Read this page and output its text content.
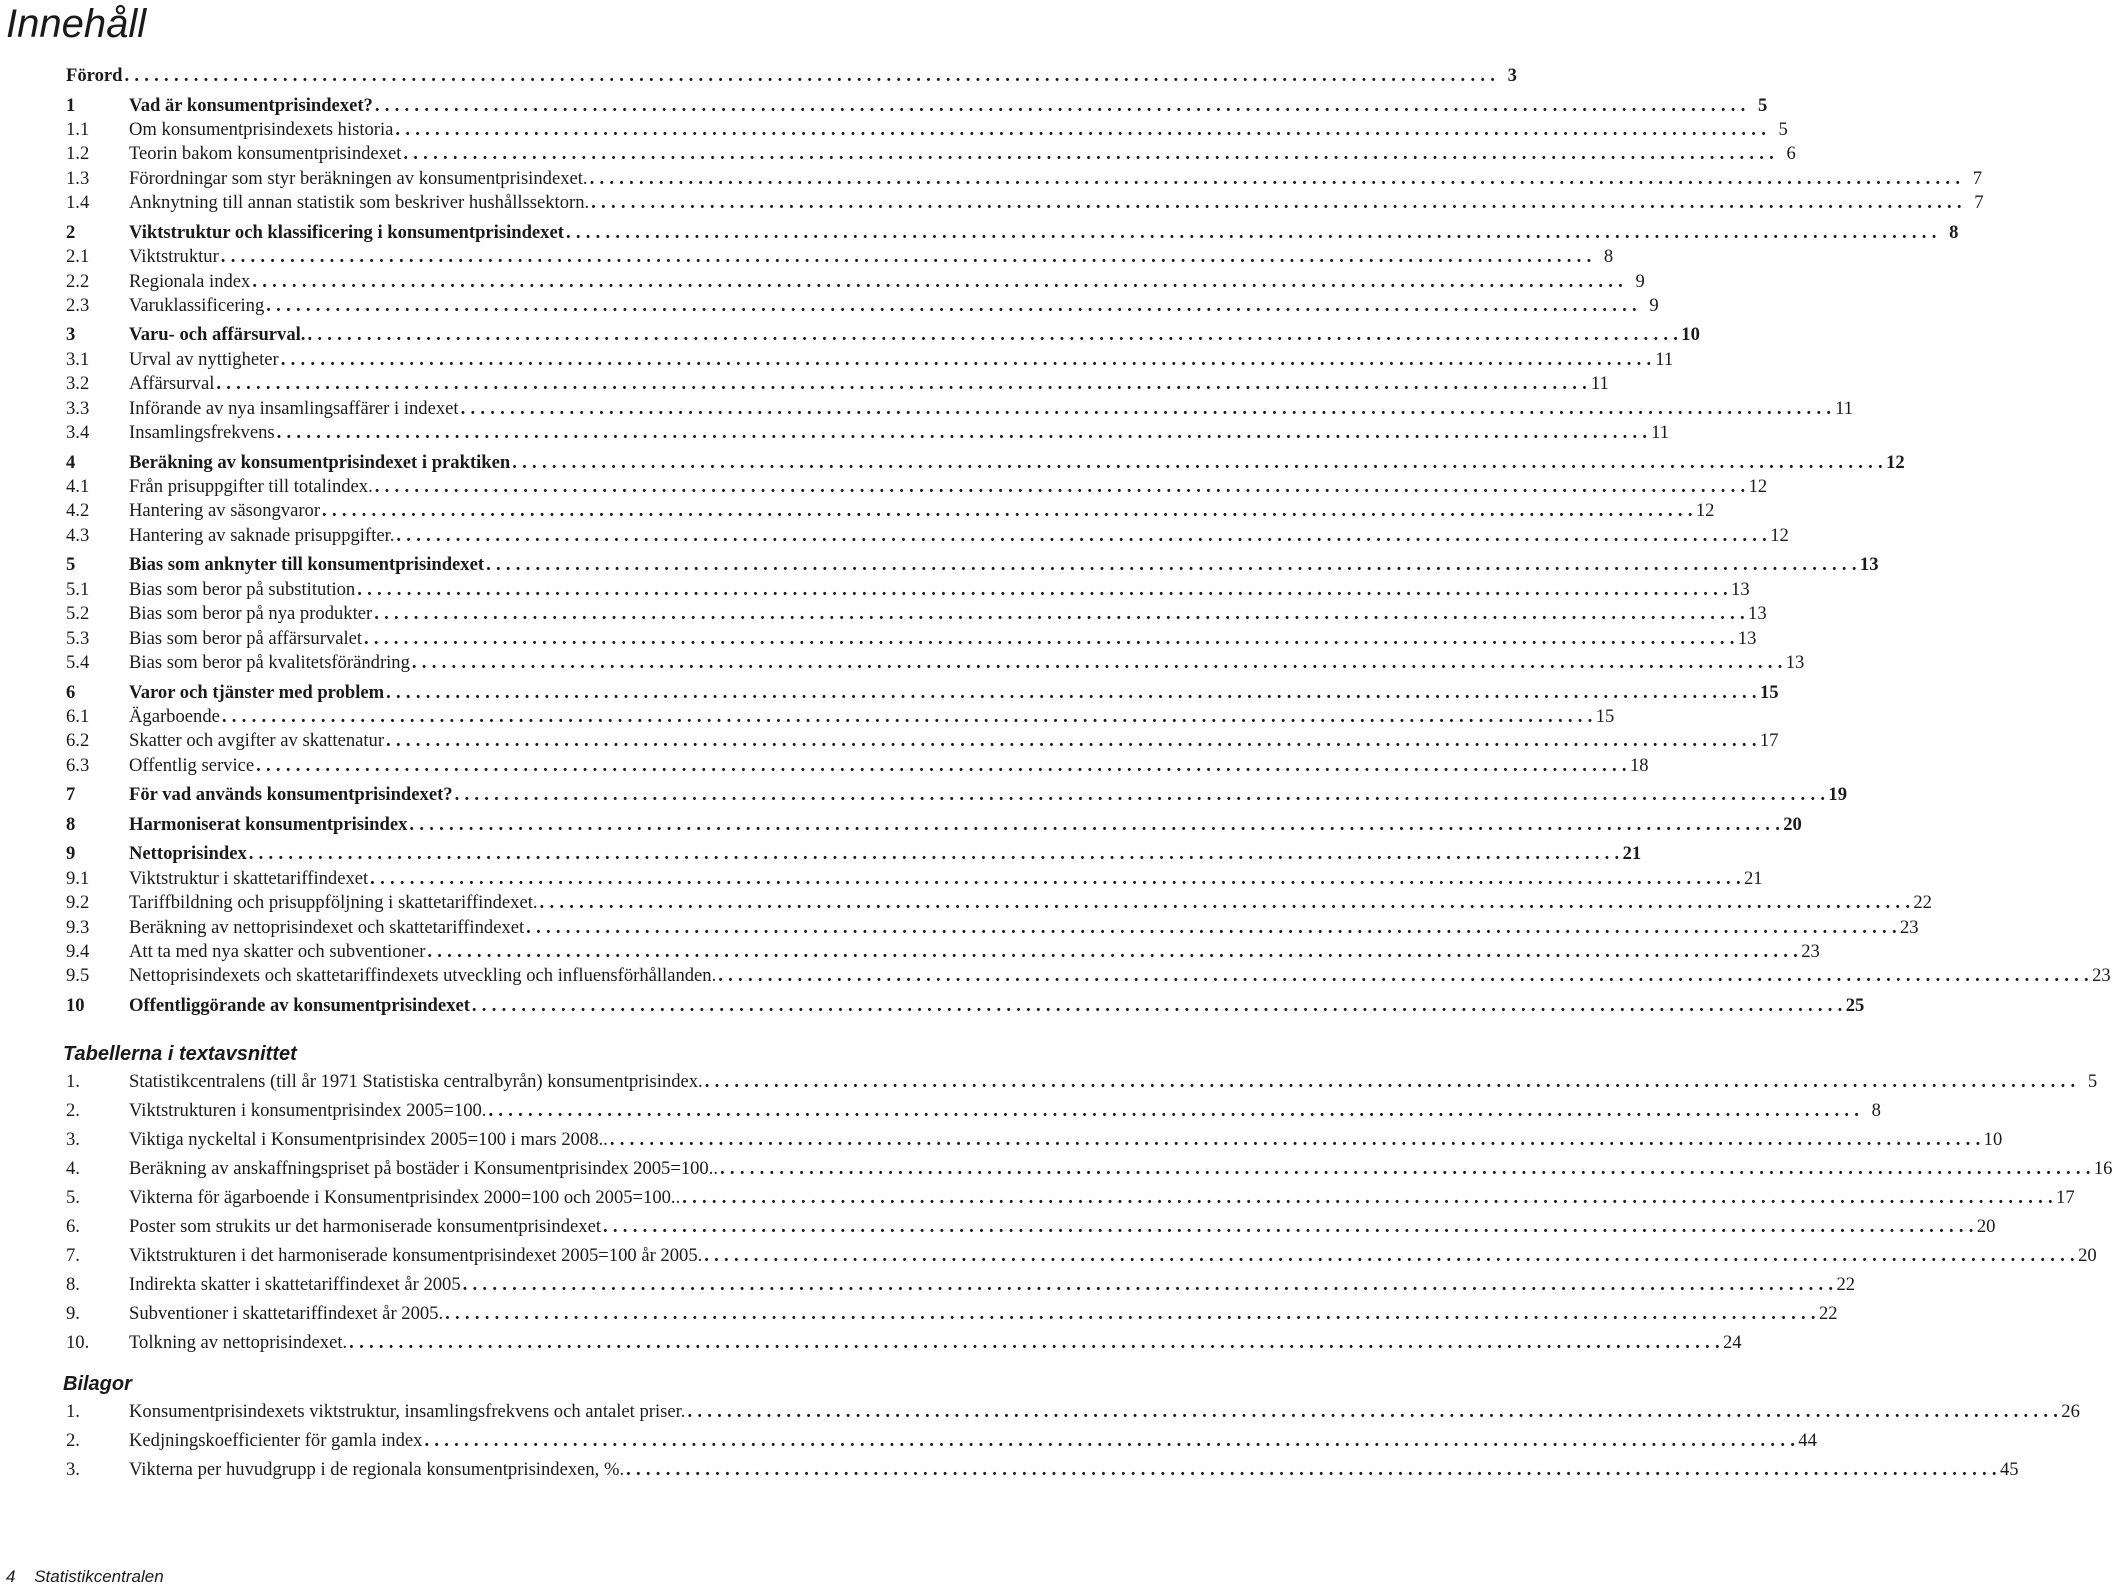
Innehåll
Förord . . .	3
1	Vad är konsumentprisindexet? . . .	5
1.1	Om konsumentprisindexets historia . . .	5
1.2	Teorin bakom konsumentprisindexet . . .	6
1.3	Förordningar som styr beräkningen av konsumentprisindexet. . . .	7
1.4	Anknytning till annan statistik som beskriver hushållssektorn. . . .	7
2	Viktstruktur och klassificering i konsumentprisindexet . . .	8
2.1	Viktstruktur . . .	8
2.2	Regionala index . . .	9
2.3	Varuklassificering . . .	9
3	Varu- och affärsurval. . . .	10
3.1	Urval av nyttigheter . . .	11
3.2	Affärsurval . . .	11
3.3	Införande av nya insamlingsaffärer i indexet . . .	11
3.4	Insamlingsfrekvens . . .	11
4	Beräkning av konsumentprisindexet i praktiken . . .	12
4.1	Från prisuppgifter till totalindex. . . .	12
4.2	Hantering av säsongvaror . . .	12
4.3	Hantering av saknade prisuppgifter. . . .	12
5	Bias som anknyter till konsumentprisindexet . . .	13
5.1	Bias som beror på substitution . . .	13
5.2	Bias som beror på nya produkter . . .	13
5.3	Bias som beror på affärsurvalet . . .	13
5.4	Bias som beror på kvalitetsförändring . . .	13
6	Varor och tjänster med problem . . .	15
6.1	Ägarboende . . .	15
6.2	Skatter och avgifter av skattenatur . . .	17
6.3	Offentlig service . . .	18
7	För vad används konsumentprisindexet? . . .	19
8	Harmoniserat konsumentprisindex . . .	20
9	Nettoprisindex . . .	21
9.1	Viktstruktur i skattetariffindexet . . .	21
9.2	Tariffbildning och prisuppföljning i skattetariffindexet. . . .	22
9.3	Beräkning av nettoprisindexet och skattetariffindexet . . .	23
9.4	Att ta med nya skatter och subventioner . . .	23
9.5	Nettoprisindexets och skattetariffindexets utveckling och influensförhållanden. . . .	23
10	Offentliggörande av konsumentprisindexet . . .	25
Tabellerna i textavsnittet
1.	Statistikcentralens (till år 1971 Statistiska centralbyrån) konsumentprisindex. . . .	5
2.	Viktstrukturen i konsumentprisindex 2005=100. . . .	8
3.	Viktiga nyckeltal i Konsumentprisindex 2005=100 i mars 2008.. . . .	10
4.	Beräkning av anskaffningspriset på bostäder i Konsumentprisindex 2005=100.. . . .	16
5.	Vikterna för ägarboende i Konsumentprisindex 2000=100 och 2005=100.. . . .	17
6.	Poster som strukits ur det harmoniserade konsumentprisindexet . . .	20
7.	Viktstrukturen i det harmoniserade konsumentprisindexet 2005=100 år 2005. . . .	20
8.	Indirekta skatter i skattetariffindexet år 2005 . . .	22
9.	Subventioner i skattetariffindexet år 2005. . . .	22
10.	Tolkning av nettoprisindexet. . . .	24
Bilagor
1.	Konsumentprisindexets viktstruktur, insamlingsfrekvens och antalet priser. . . .	26
2.	Kedjningskoefficienter för gamla index . . .	44
3.	Vikterna per huvudgrupp i de regionala konsumentprisindexen, %. . . .	45
4 Statistikcentralen
